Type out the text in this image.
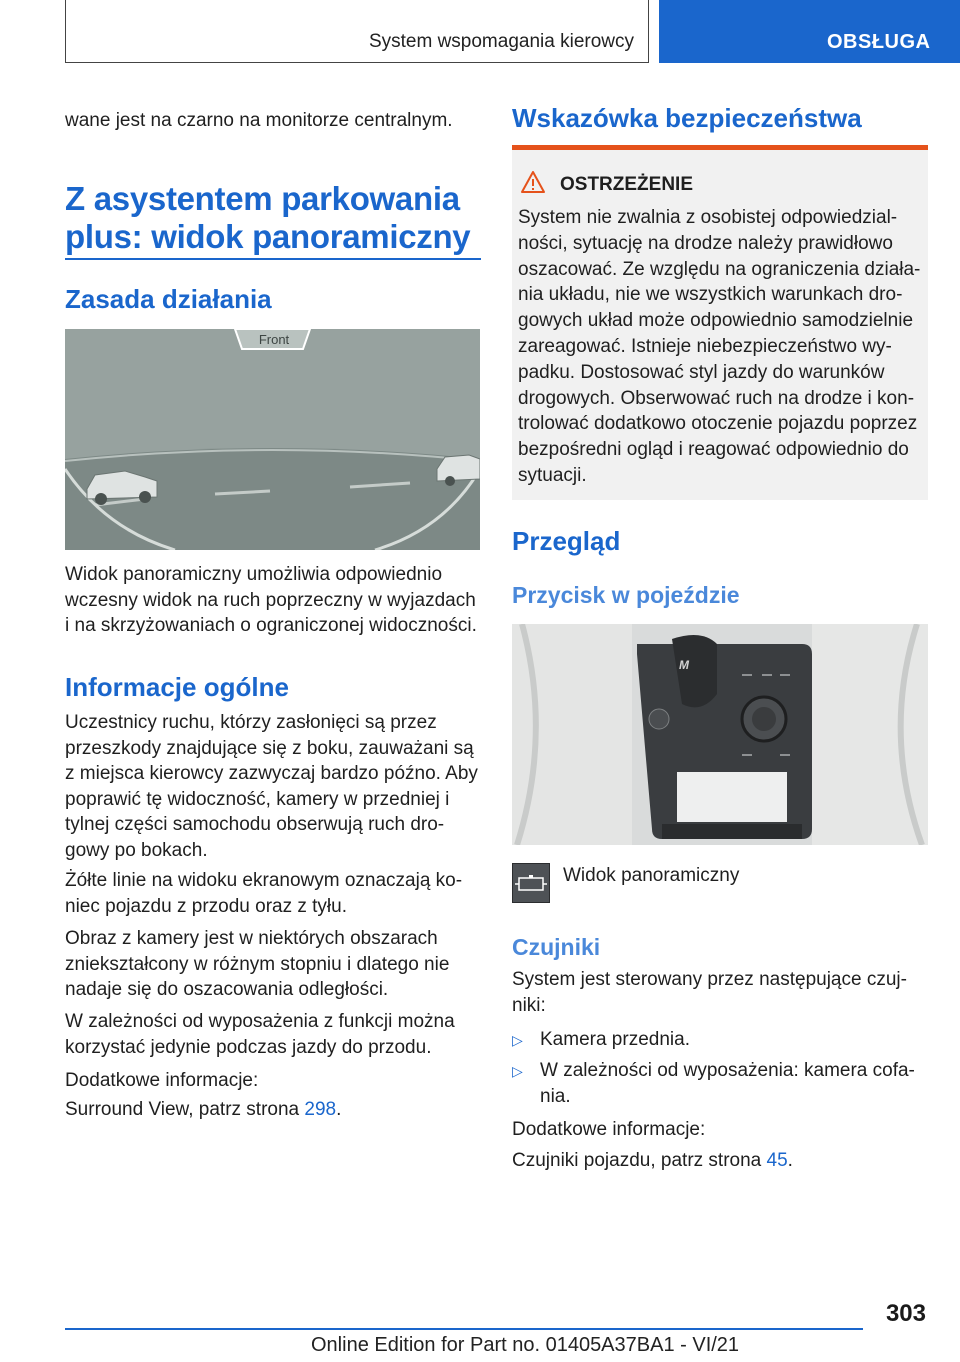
System wspomagania kierowcy	OBSŁUGA
wane jest na czarno na monitorze centralnym.
Z asystentem parkowania
plus: widok panoramiczny
Zasada działania
Front
Widok panoramiczny umożliwia odpowiednio
wczesny widok na ruch poprzeczny w wyjazdach
i na skrzyżowaniach o ograniczonej widoczności.
Informacje ogólne
Uczestnicy ruchu, którzy zasłonięci są przez
przeszkody znajdujące się z boku, zauważani są
z miejsca kierowcy zazwyczaj bardzo późno. Aby
poprawić tę widoczność, kamery w przedniej i
tylnej części samochodu obserwują ruch dro-
gowy po bokach.
Żółte linie na widoku ekranowym oznaczają ko-
niec pojazdu z przodu oraz z tyłu.
Obraz z kamery jest w niektórych obszarach
zniekształcony w różnym stopniu i dlatego nie
nadaje się do oszacowania odległości.
W zależności od wyposażenia z funkcji można
korzystać jedynie podczas jazdy do przodu.
Dodatkowe informacje:
Surround View, patrz strona 298.
Wskazówka bezpieczeństwa
OSTRZEŻENIE
System nie zwalnia z osobistej odpowiedzial-
ności, sytuację na drodze należy prawidłowo
oszacować. Ze względu na ograniczenia działa-
nia układu, nie we wszystkich warunkach dro-
gowych układ może odpowiednio samodzielnie
zareagować. Istnieje niebezpieczeństwo wy-
padku. Dostosować styl jazdy do warunków
drogowych. Obserwować ruch na drodze i kon-
trolować dodatkowo otoczenie pojazdu poprzez
bezpośredni ogląd i reagować odpowiednio do
sytuacji.
Przegląd
Przycisk w pojeździe
M
Widok panoramiczny
Czujniki
System jest sterowany przez następujące czuj-
niki:
▷ Kamera przednia.
▷ W zależności od wyposażenia: kamera cofa-
nia.
Dodatkowe informacje:
Czujniki pojazdu, patrz strona 45.
303
Online Edition for Part no. 01405A37BA1 - VI/21
